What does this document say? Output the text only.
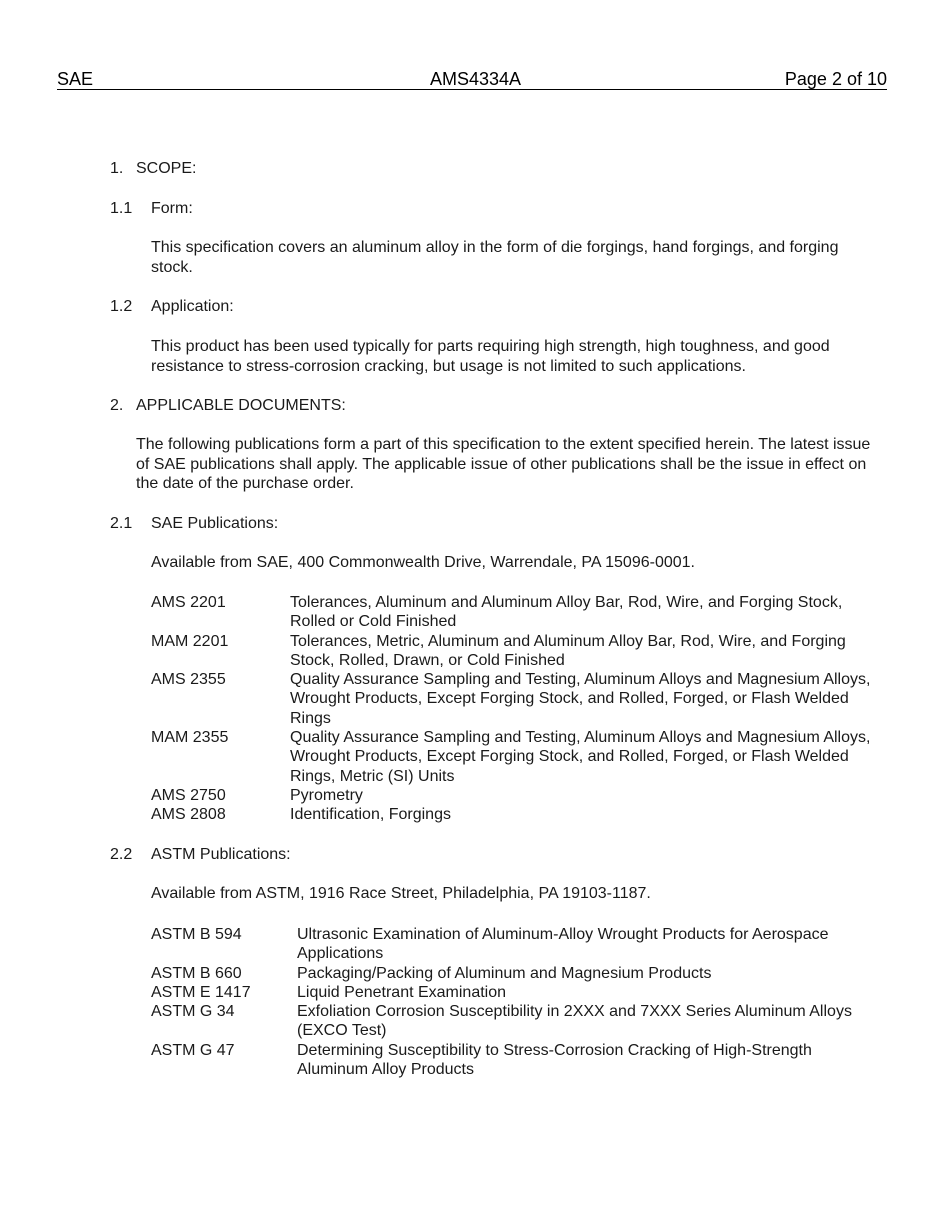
SAE	AMS4334A	Page 2 of 10
1. SCOPE:
1.1 Form:
This specification covers an aluminum alloy in the form of die forgings, hand forgings, and forging stock.
1.2 Application:
This product has been used typically for parts requiring high strength, high toughness, and good resistance to stress-corrosion cracking, but usage is not limited to such applications.
2. APPLICABLE DOCUMENTS:
The following publications form a part of this specification to the extent specified herein. The latest issue of SAE publications shall apply. The applicable issue of other publications shall be the issue in effect on the date of the purchase order.
2.1 SAE Publications:
Available from SAE, 400 Commonwealth Drive, Warrendale, PA 15096-0001.
AMS 2201	Tolerances, Aluminum and Aluminum Alloy Bar, Rod, Wire, and Forging Stock, Rolled or Cold Finished
MAM 2201	Tolerances, Metric, Aluminum and Aluminum Alloy Bar, Rod, Wire, and Forging Stock, Rolled, Drawn, or Cold Finished
AMS 2355	Quality Assurance Sampling and Testing, Aluminum Alloys and Magnesium Alloys, Wrought Products, Except Forging Stock, and Rolled, Forged, or Flash Welded Rings
MAM 2355	Quality Assurance Sampling and Testing, Aluminum Alloys and Magnesium Alloys, Wrought Products, Except Forging Stock, and Rolled, Forged, or Flash Welded Rings, Metric (SI) Units
AMS 2750	Pyrometry
AMS 2808	Identification, Forgings
2.2 ASTM Publications:
Available from ASTM, 1916 Race Street, Philadelphia, PA 19103-1187.
ASTM B 594	Ultrasonic Examination of Aluminum-Alloy Wrought Products for Aerospace Applications
ASTM B 660	Packaging/Packing of Aluminum and Magnesium Products
ASTM E 1417	Liquid Penetrant Examination
ASTM G 34	Exfoliation Corrosion Susceptibility in 2XXX and 7XXX Series Aluminum Alloys (EXCO Test)
ASTM G 47	Determining Susceptibility to Stress-Corrosion Cracking of High-Strength Aluminum Alloy Products
